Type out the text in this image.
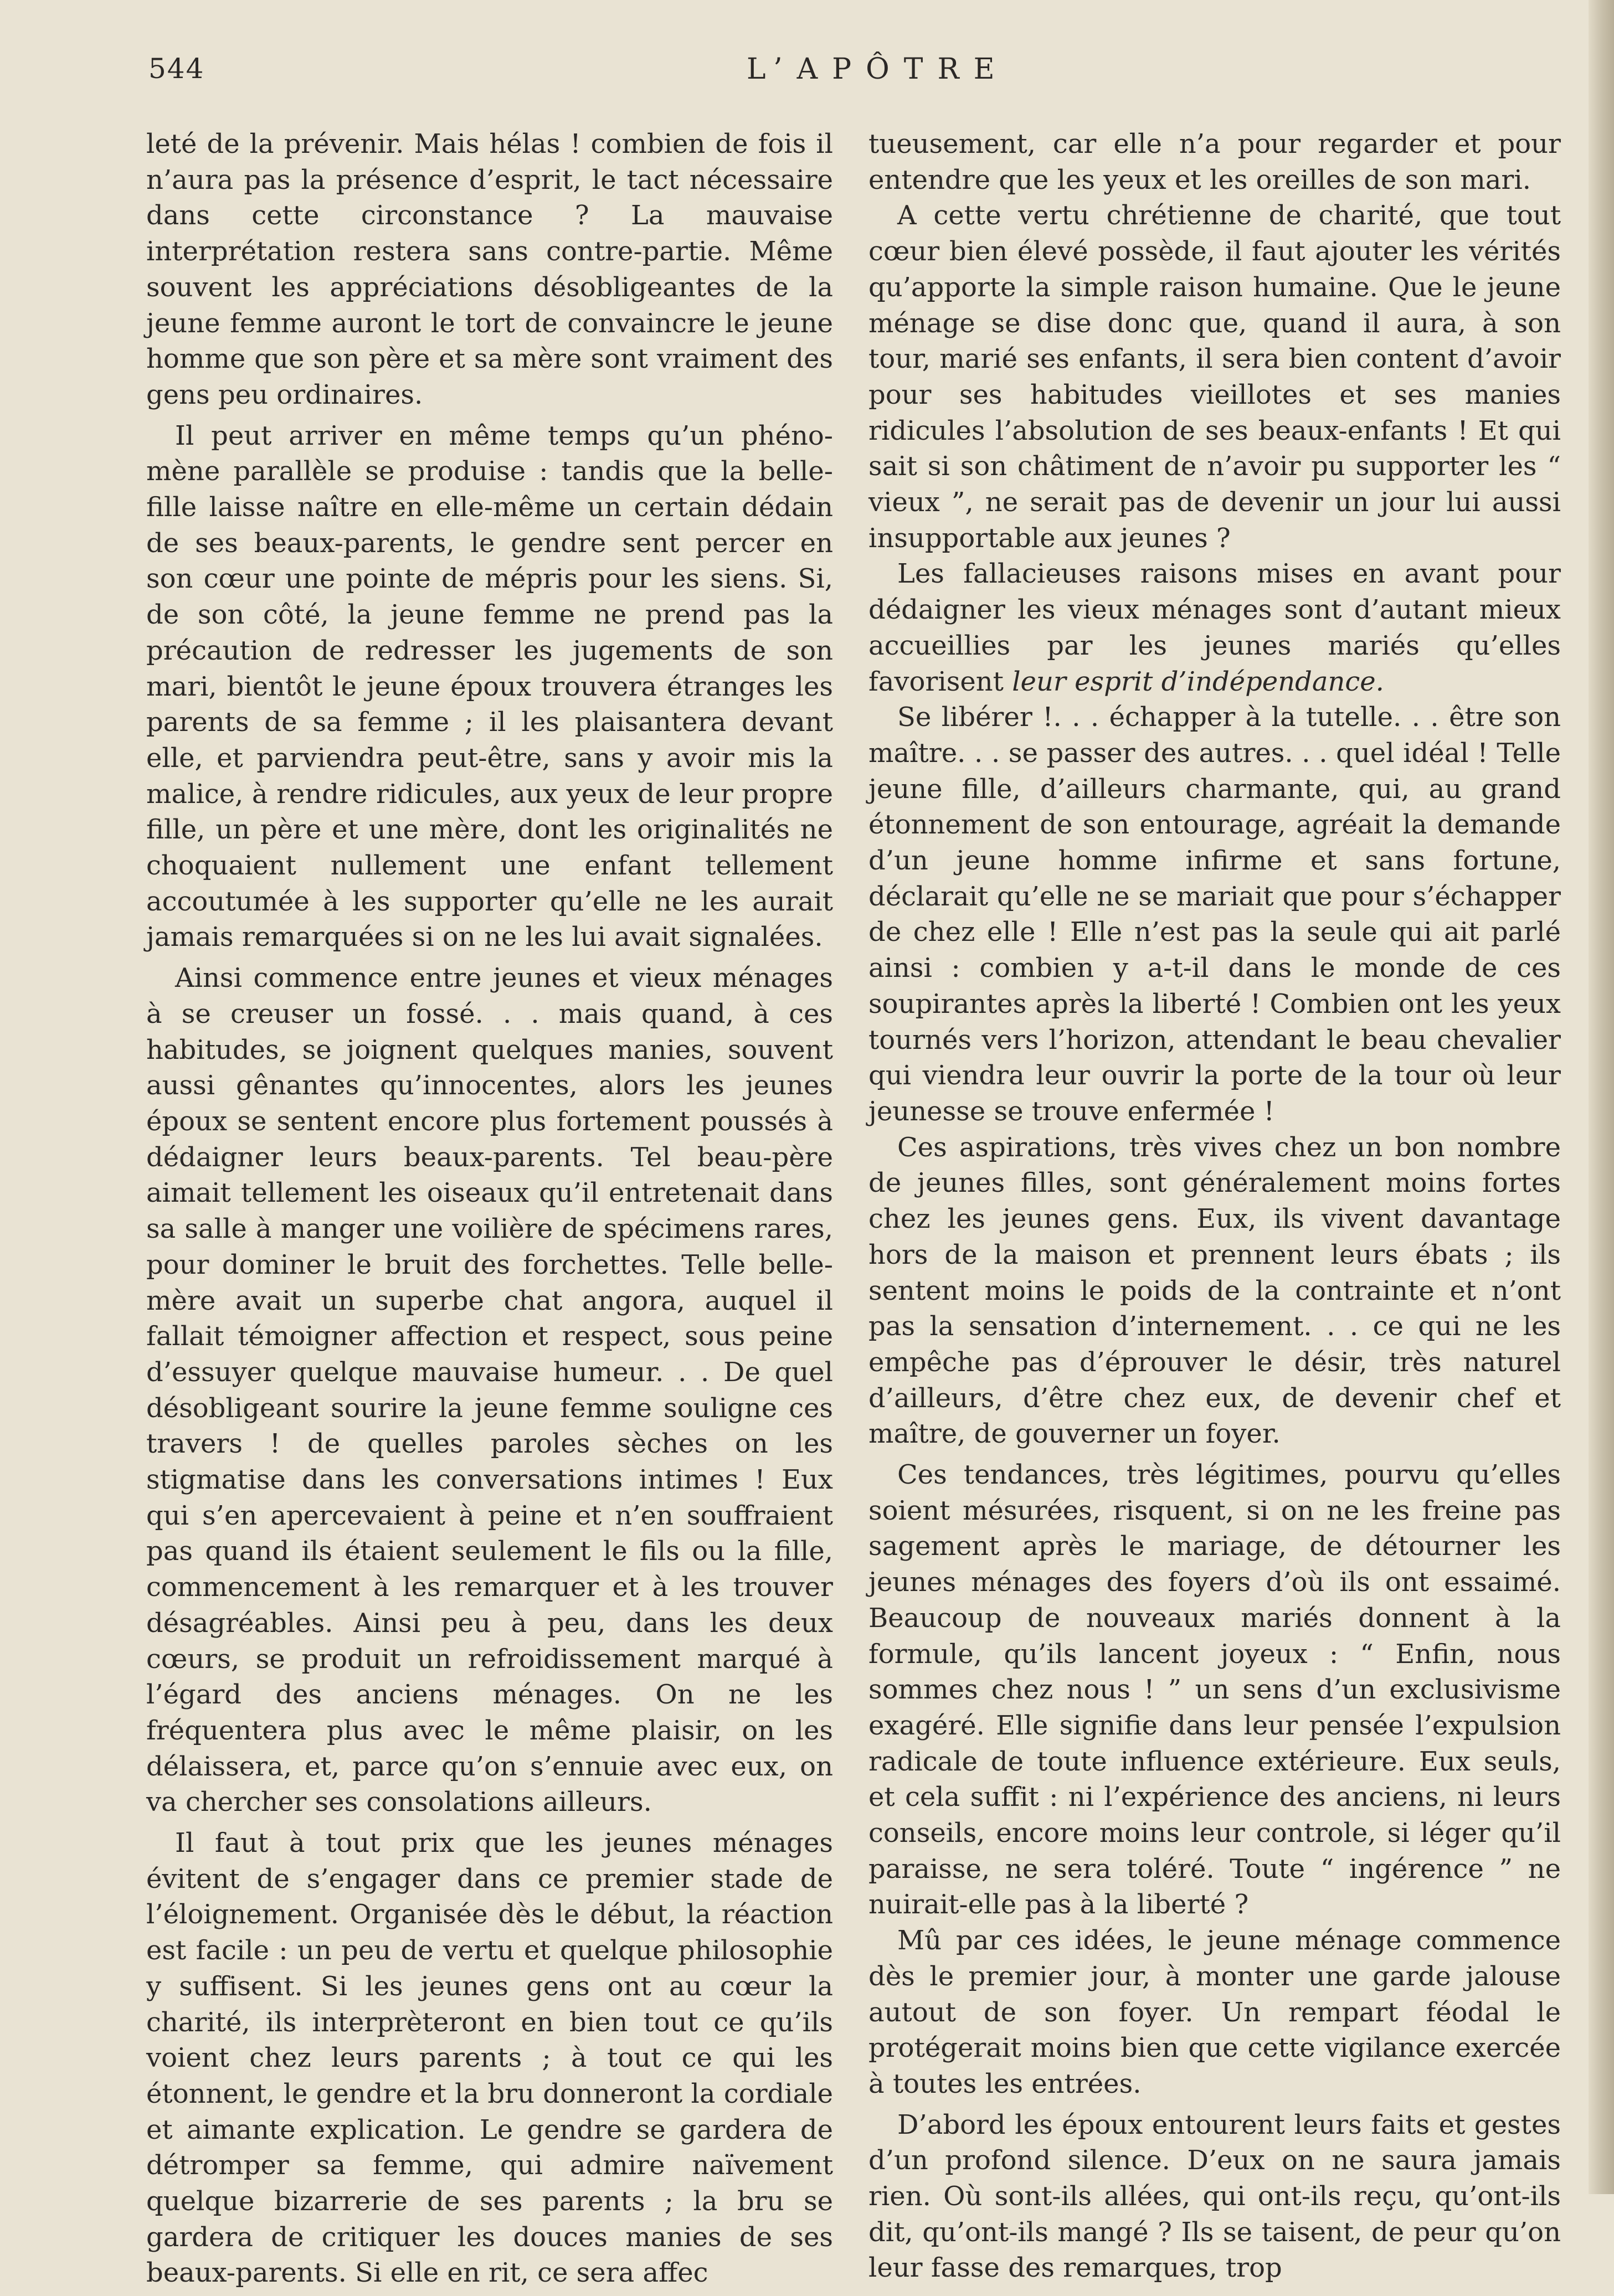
544	L’APÔTRE

leté de la prévenir. Mais hélas ! combien de fois il n’aura pas la présence d’esprit, le tact nécessaire dans cette circonstance ? La mauvaise interprétation restera sans contre-partie. Même souvent les appréciations désobligeantes de la jeune femme auront le tort de convaincre le jeune homme que son père et sa mère sont vraiment des gens peu ordinaires.

Il peut arriver en même temps qu’un phénomène parallèle se produise : tandis que la belle-fille laisse naître en elle-même un certain dédain de ses beaux-parents, le gendre sent percer en son cœur une pointe de mépris pour les siens. Si, de son côté, la jeune femme ne prend pas la précaution de redresser les jugements de son mari, bientôt le jeune époux trouvera étranges les parents de sa femme ; il les plaisantera devant elle, et parviendra peut-être, sans y avoir mis la malice, à rendre ridicules, aux yeux de leur propre fille, un père et une mère, dont les originalités ne choquaient nullement une enfant tellement accoutumée à les supporter qu’elle ne les aurait jamais remarquées si on ne les lui avait signalées.

Ainsi commence entre jeunes et vieux ménages à se creuser un fossé. . . mais quand, à ces habitudes, se joignent quelques manies, souvent aussi gênantes qu’innocentes, alors les jeunes époux se sentent encore plus fortement poussés à dédaigner leurs beaux-parents. Tel beau-père aimait tellement les oiseaux qu’il entretenait dans sa salle à manger une voilière de spécimens rares, pour dominer le bruit des forchettes. Telle belle-mère avait un superbe chat angora, auquel il fallait témoigner affection et respect, sous peine d’essuyer quelque mauvaise humeur. . . De quel désobligeant sourire la jeune femme souligne ces travers ! de quelles paroles sèches on les stigmatise dans les conversations intimes ! Eux qui s’en apercevaient à peine et n’en souffraient pas quand ils étaient seulement le fils ou la fille, commencement à les remarquer et à les trouver désagréables. Ainsi peu à peu, dans les deux cœurs, se produit un refroidissement marqué à l’égard des anciens ménages. On ne les fréquentera plus avec le même plaisir, on les délaissera, et, parce qu’on s’ennuie avec eux, on va chercher ses consolations ailleurs.

Il faut à tout prix que les jeunes ménages évitent de s’engager dans ce premier stade de l’éloignement. Organisée dès le début, la réaction est facile : un peu de vertu et quelque philosophie y suffisent. Si les jeunes gens ont au cœur la charité, ils interprèteront en bien tout ce qu’ils voient chez leurs parents ; à tout ce qui les étonnent, le gendre et la bru donneront la cordiale et aimante explication. Le gendre se gardera de détromper sa femme, qui admire naïvement quelque bizarrerie de ses parents ; la bru se gardera de critiquer les douces manies de ses beaux-parents. Si elle en rit, ce sera affec

tueusement, car elle n’a pour regarder et pour entendre que les yeux et les oreilles de son mari.

A cette vertu chrétienne de charité, que tout cœur bien élevé possède, il faut ajouter les vérités qu’apporte la simple raison humaine. Que le jeune ménage se dise donc que, quand il aura, à son tour, marié ses enfants, il sera bien content d’avoir pour ses habitudes vieillotes et ses manies ridicules l’absolution de ses beaux-enfants ! Et qui sait si son châtiment de n’avoir pu supporter les “ vieux ”, ne serait pas de devenir un jour lui aussi insupportable aux jeunes ?

Les fallacieuses raisons mises en avant pour dédaigner les vieux ménages sont d’autant mieux accueillies par les jeunes mariés qu’elles favorisent leur esprit d’indépendance.

Se libérer !. . . échapper à la tutelle. . . être son maître. . . se passer des autres. . . quel idéal ! Telle jeune fille, d’ailleurs charmante, qui, au grand étonnement de son entourage, agréait la demande d’un jeune homme infirme et sans fortune, déclarait qu’elle ne se mariait que pour s’échapper de chez elle ! Elle n’est pas la seule qui ait parlé ainsi : combien y a-t-il dans le monde de ces soupirantes après la liberté ! Combien ont les yeux tournés vers l’horizon, attendant le beau chevalier qui viendra leur ouvrir la porte de la tour où leur jeunesse se trouve enfermée !

Ces aspirations, très vives chez un bon nombre de jeunes filles, sont généralement moins fortes chez les jeunes gens. Eux, ils vivent davantage hors de la maison et prennent leurs ébats ; ils sentent moins le poids de la contrainte et n’ont pas la sensation d’internement. . . ce qui ne les empêche pas d’éprouver le désir, très naturel d’ailleurs, d’être chez eux, de devenir chef et maître, de gouverner un foyer.

Ces tendances, très légitimes, pourvu qu’elles soient mésurées, risquent, si on ne les freine pas sagement après le mariage, de détourner les jeunes ménages des foyers d’où ils ont essaimé. Beaucoup de nouveaux mariés donnent à la formule, qu’ils lancent joyeux : “ Enfin, nous sommes chez nous ! ” un sens d’un exclusivisme exagéré. Elle signifie dans leur pensée l’expulsion radicale de toute influence extérieure. Eux seuls, et cela suffit : ni l’expérience des anciens, ni leurs conseils, encore moins leur controle, si léger qu’il paraisse, ne sera toléré. Toute “ ingérence ” ne nuirait-elle pas à la liberté ?

Mû par ces idées, le jeune ménage commence dès le premier jour, à monter une garde jalouse autout de son foyer. Un rempart féodal le protégerait moins bien que cette vigilance exercée à toutes les entrées.

D’abord les époux entourent leurs faits et gestes d’un profond silence. D’eux on ne saura jamais rien. Où sont-ils allées, qui ont-ils reçu, qu’ont-ils dit, qu’ont-ils mangé ? Ils se taisent, de peur qu’on leur fasse des remarques, trop
